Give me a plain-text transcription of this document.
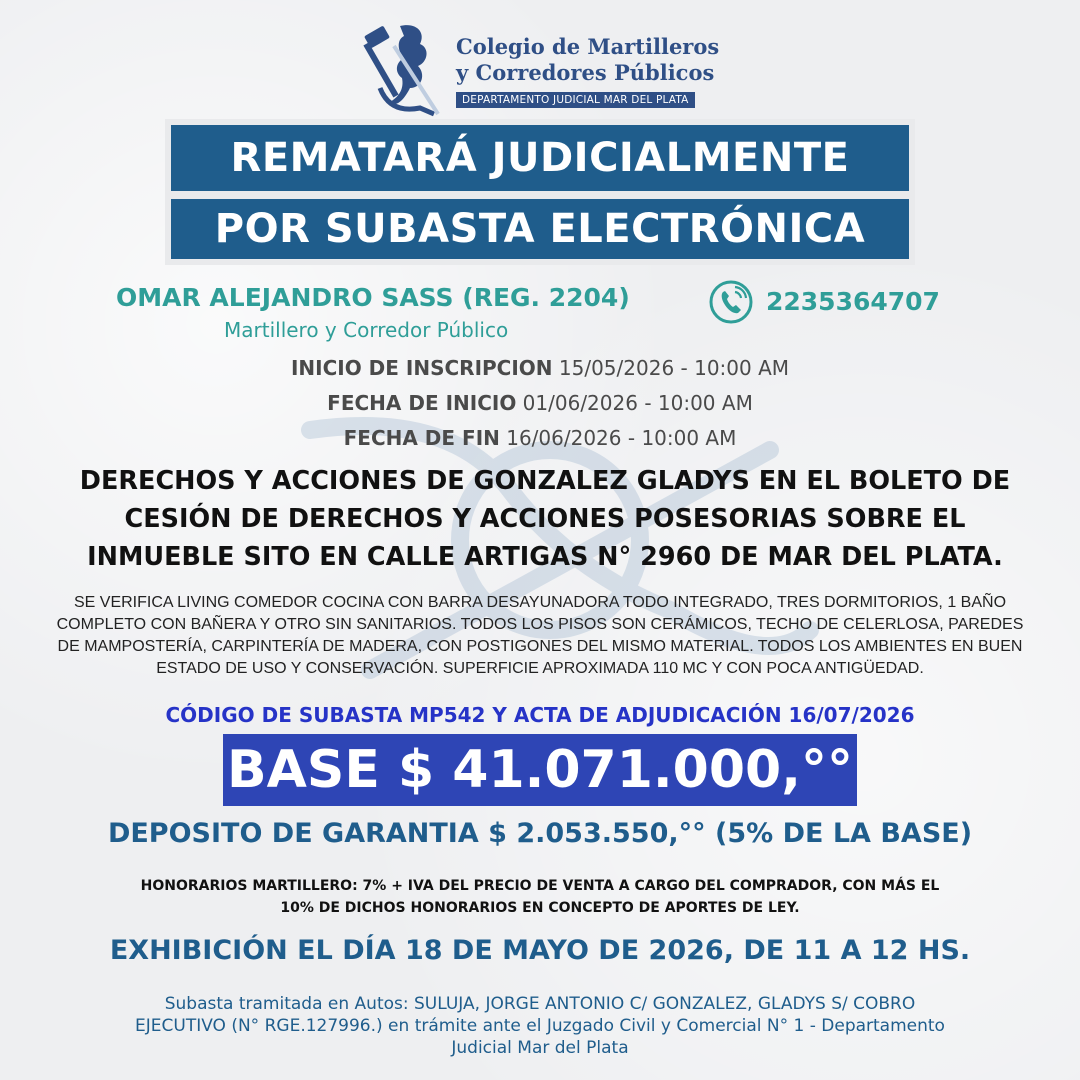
Colegio de Martilleros
y Corredores Públicos
DEPARTAMENTO JUDICIAL MAR DEL PLATA
REMATARÁ JUDICIALMENTE
POR SUBASTA ELECTRÓNICA
OMAR ALEJANDRO SASS (REG. 2204)
Martillero y Corredor Público
2235364707
INICIO DE INSCRIPCION 15/05/2026 - 10:00 AM
FECHA DE INICIO 01/06/2026 - 10:00 AM
FECHA DE FIN 16/06/2026 - 10:00 AM
DERECHOS Y ACCIONES DE GONZALEZ GLADYS EN EL BOLETO DE
CESIÓN DE DERECHOS Y ACCIONES POSESORIAS SOBRE EL
INMUEBLE SITO EN CALLE ARTIGAS N° 2960 DE MAR DEL PLATA.
SE VERIFICA LIVING COMEDOR COCINA CON BARRA DESAYUNADORA TODO INTEGRADO, TRES DORMITORIOS, 1 BAÑO
COMPLETO CON BAÑERA Y OTRO SIN SANITARIOS. TODOS LOS PISOS SON CERÁMICOS, TECHO DE CELERLOSA, PAREDES
DE MAMPOSTERÍA, CARPINTERÍA DE MADERA, CON POSTIGONES DEL MISMO MATERIAL. TODOS LOS AMBIENTES EN BUEN
ESTADO DE USO Y CONSERVACIÓN. SUPERFICIE APROXIMADA 110 MC Y CON POCA ANTIGÜEDAD.
CÓDIGO DE SUBASTA MP542 Y ACTA DE ADJUDICACIÓN 16/07/2026
BASE $ 41.071.000,°°
DEPOSITO DE GARANTIA $ 2.053.550,°° (5% DE LA BASE)
HONORARIOS MARTILLERO: 7% + IVA DEL PRECIO DE VENTA A CARGO DEL COMPRADOR, CON MÁS EL
10% DE DICHOS HONORARIOS EN CONCEPTO DE APORTES DE LEY.
EXHIBICIÓN EL DÍA 18 DE MAYO DE 2026, DE 11 A 12 HS.
Subasta tramitada en Autos: SULUJA, JORGE ANTONIO C/ GONZALEZ, GLADYS S/ COBRO
EJECUTIVO (N° RGE.127996.) en trámite ante el Juzgado Civil y Comercial N° 1 - Departamento
Judicial Mar del Plata
